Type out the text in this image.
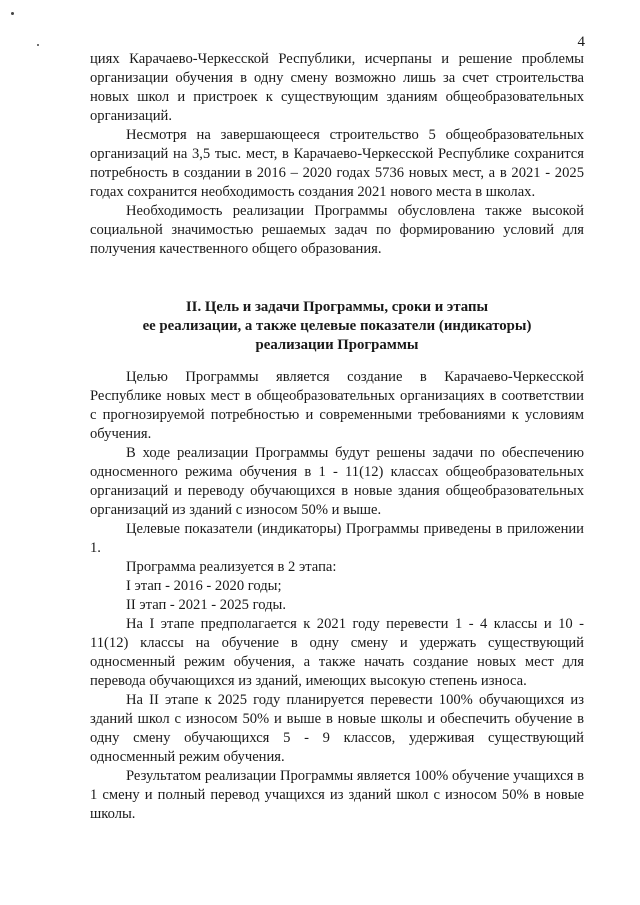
4

циях Карачаево-Черкесской Республики, исчерпаны и решение проблемы организации обучения в одну смену возможно лишь за счет строительства новых школ и пристроек к существующим зданиям общеобразовательных организаций.

Несмотря на завершающееся строительство 5 общеобразовательных организаций на 3,5 тыс. мест, в Карачаево-Черкесской Республике сохранится потребность в создании в 2016 – 2020 годах 5736 новых мест, а в 2021 - 2025 годах сохранится необходимость создания 2021 нового места в школах.

Необходимость реализации Программы обусловлена также высокой социальной значимостью решаемых задач по формированию условий для получения качественного общего образования.

II. Цель и задачи Программы, сроки и этапы
ее реализации, а также целевые показатели (индикаторы)
реализации Программы

Целью Программы является создание в Карачаево-Черкесской Республике новых мест в общеобразовательных организациях в соответствии с прогнозируемой потребностью и современными требованиями к условиям обучения.

В ходе реализации Программы будут решены задачи по обеспечению односменного режима обучения в 1 - 11(12) классах общеобразовательных организаций и переводу обучающихся в новые здания общеобразовательных организаций из зданий с износом 50% и выше.

Целевые показатели (индикаторы) Программы приведены в приложении 1.

Программа реализуется в 2 этапа:

I этап - 2016 - 2020 годы;

II этап - 2021 - 2025 годы.

На I этапе предполагается к 2021 году перевести 1 - 4 классы и 10 - 11(12) классы на обучение в одну смену и удержать существующий односменный режим обучения, а также начать создание новых мест для перевода обучающихся из зданий, имеющих высокую степень износа.

На II этапе к 2025 году планируется перевести 100% обучающихся из зданий школ с износом 50% и выше в новые школы и обеспечить обучение в одну смену обучающихся 5 - 9 классов, удерживая существующий односменный режим обучения.

Результатом реализации Программы является 100% обучение учащихся в 1 смену и полный перевод учащихся из зданий школ с износом 50% в новые школы.
